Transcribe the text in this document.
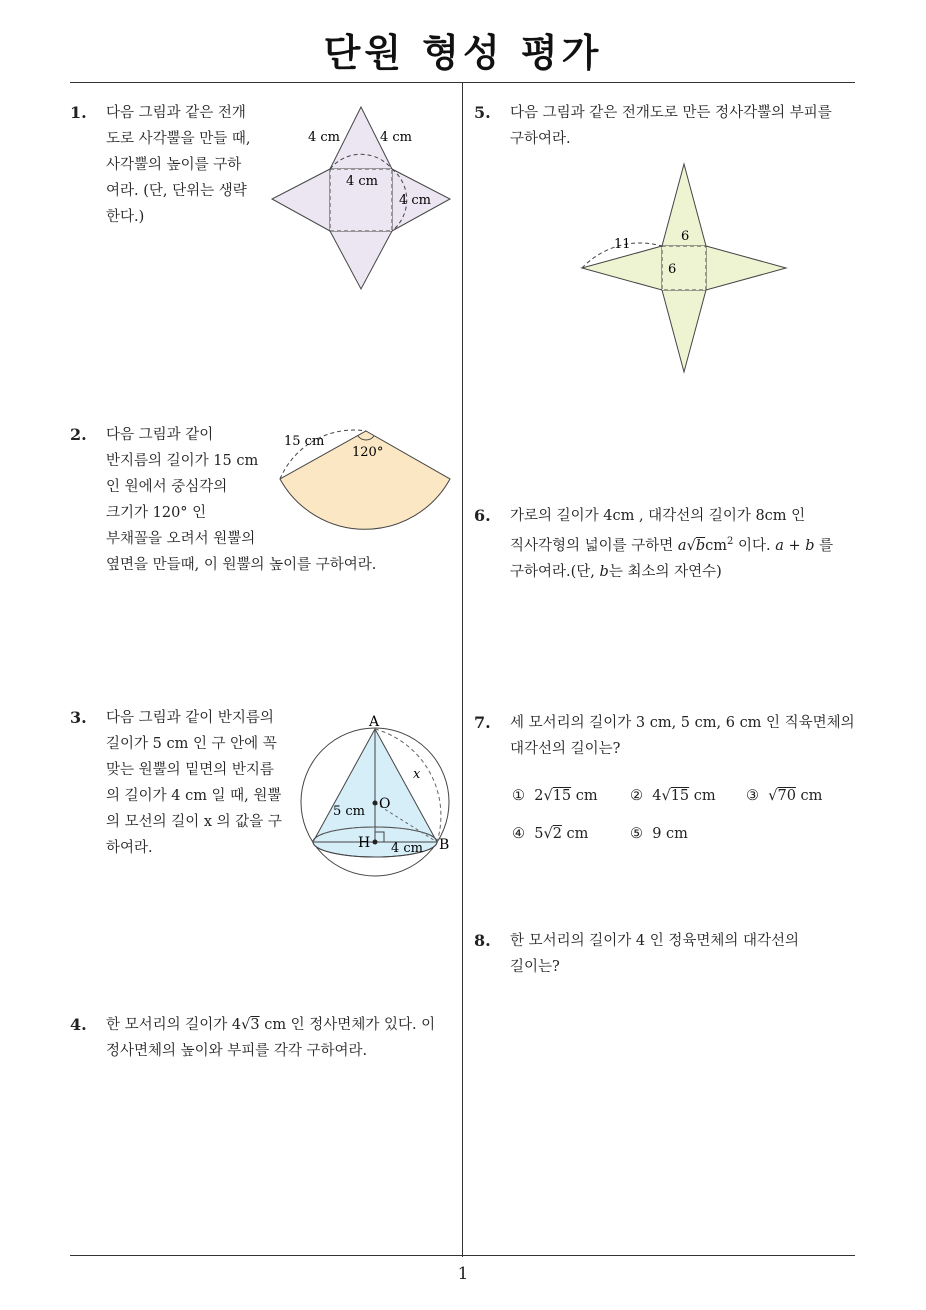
단원 형성 평가
1
1. 다음 그림과 같은 전개

도로 사각뿔을 만들 때,

사각뿔의 높이를 구하

여라. (단, 단위는 생략

한다.)

4 cm	4 cm
4 cm
4 cm
2. 다음 그림과 같이

반지름의 길이가 15 cm

인 원에서 중심각의

크기가 120° 인

부채꼴을 오려서 원뿔의

옆면을 만들때, 이 원뿔의 높이를 구하여라.

15 cm
120°
3. 다음 그림과 같이 반지름의

길이가 5 cm 인 구 안에 꼭

맞는 원뿔의 밑면의 반지름

의 길이가 4 cm 일 때, 원뿔

의 모선의 길이 x 의 값을 구

하여라.

A
O
H	B
x
5 cm
4 cm
4. 한 모서리의 길이가 4√3 cm 인 정사면체가 있다. 이

정사면체의 높이와 부피를 각각 구하여라.

5. 다음 그림과 같은 전개도로 만든 정사각뿔의 부피를

구하여라.

11
6
6
6. 가로의 길이가 4cm , 대각선의 길이가 8cm 인

직사각형의 넓이를 구하면 a√bcm$^2$ 이다. a + b 를

구하여라.(단, b는 최소의 자연수)

7. 세 모서리의 길이가 3 cm, 5 cm, 6 cm 인 직육면체의

대각선의 길이는?

① 2√15 cm ② 4√15 cm ③  √70 cm
④ 5√2 cm	⑤ 9 cm
8. 한 모서리의 길이가 4 인 정육면체의 대각선의

길이는?
